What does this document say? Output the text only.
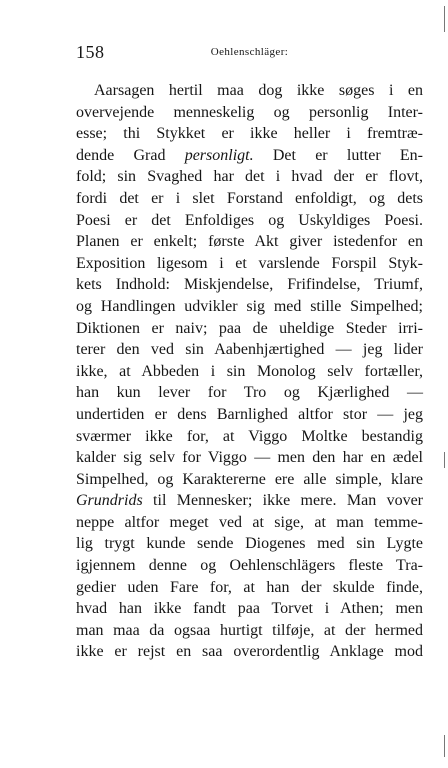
158	Oehlenschläger:
Aarsagen hertil maa dog ikke søges i en
overvejende menneskelig og personlig Inter-
esse; thi Stykket er ikke heller i fremtræ-
dende Grad personligt. Det er lutter En-
fold; sin Svaghed har det i hvad der er flovt,
fordi det er i slet Forstand enfoldigt, og dets
Poesi er det Enfoldiges og Uskyldiges Poesi.
Planen er enkelt; første Akt giver istedenfor en
Exposition ligesom i et varslende Forspil Styk-
kets Indhold: Miskjendelse, Frifindelse, Triumf,
og Handlingen udvikler sig med stille Simpelhed;
Diktionen er naiv; paa de uheldige Steder irri-
terer den ved sin Aabenhjærtighed — jeg lider
ikke, at Abbeden i sin Monolog selv fortæller,
han kun lever for Tro og Kjærlighed —
undertiden er dens Barnlighed altfor stor — jeg
sværmer ikke for, at Viggo Moltke bestandig
kalder sig selv for Viggo — men den har en ædel
Simpelhed, og Karaktererne ere alle simple, klare
Grundrids til Mennesker; ikke mere. Man vover
neppe altfor meget ved at sige, at man temme-
lig trygt kunde sende Diogenes med sin Lygte
igjennem denne og Oehlenschlägers fleste Tra-
gedier uden Fare for, at han der skulde finde,
hvad han ikke fandt paa Torvet i Athen; men
man maa da ogsaa hurtigt tilføje, at der hermed
ikke er rejst en saa overordentlig Anklage mod
